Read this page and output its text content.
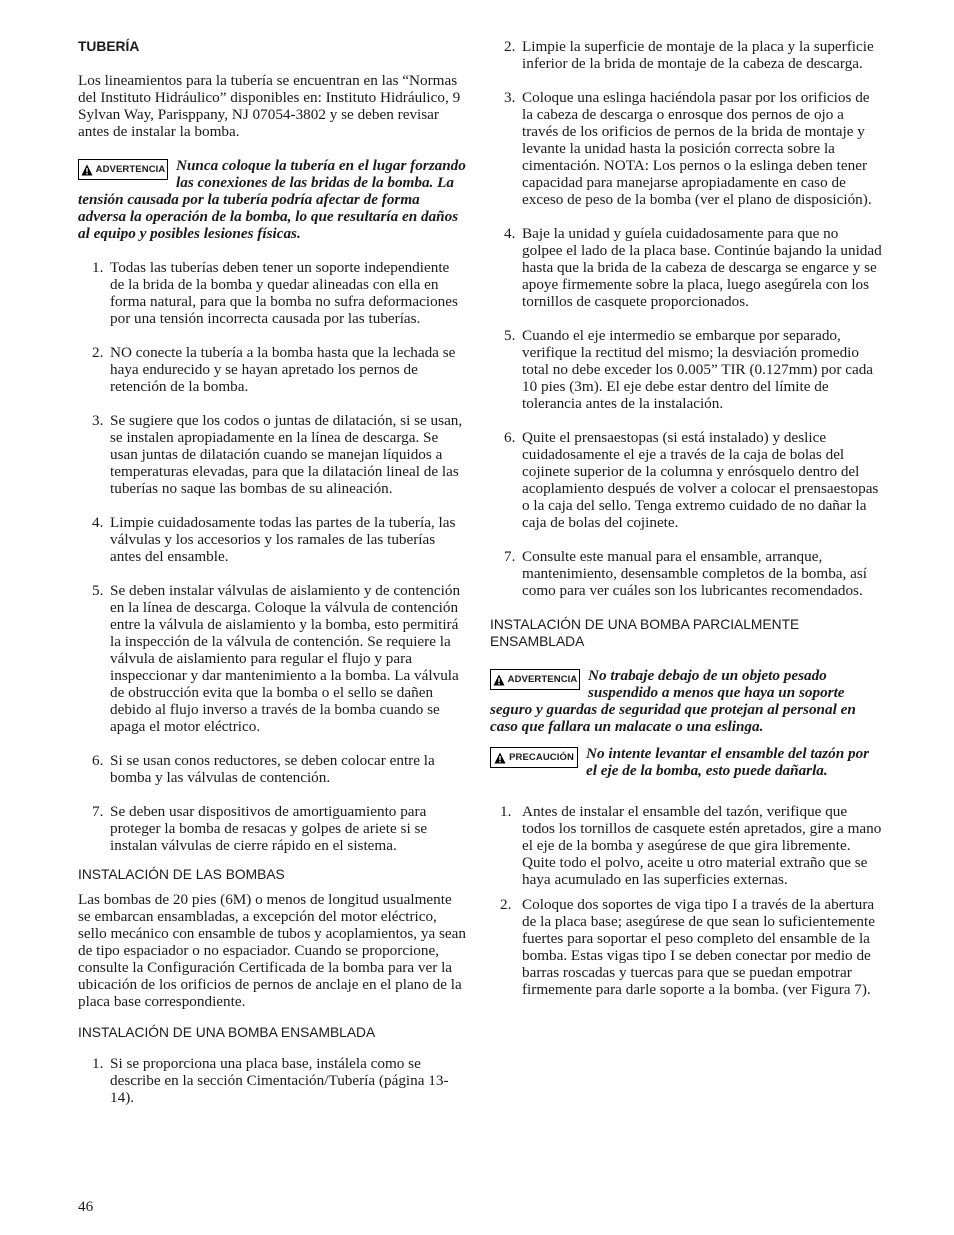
TUBERÍA

Los lineamientos para la tubería se encuentran en las “Normas del Instituto Hidráulico” disponibles en: Instituto Hidráulico, 9 Sylvan Way, Parisppany, NJ 07054-3802 y se deben revisar antes de instalar la bomba.

ADVERTENCIA Nunca coloque la tubería en el lugar forzando las conexiones de las bridas de la bomba. La tensión causada por la tubería podría afectar de forma adversa la operación de la bomba, lo que resultaría en daños al equipo y posibles lesiones físicas.
1. Todas las tuberías deben tener un soporte independiente de la brida de la bomba y quedar alineadas con ella en forma natural, para que la bomba no sufra deformaciones por una tensión incorrecta causada por las tuberías.
2. NO conecte la tubería a la bomba hasta que la lechada se haya endurecido y se hayan apretado los pernos de retención de la bomba.
3. Se sugiere que los codos o juntas de dilatación, si se usan, se instalen apropiadamente en la línea de descarga. Se usan juntas de dilatación cuando se manejan líquidos a temperaturas elevadas, para que la dilatación lineal de las tuberías no saque las bombas de su alineación.
4. Limpie cuidadosamente todas las partes de la tubería, las válvulas y los accesorios y los ramales de las tuberías antes del ensamble.
5. Se deben instalar válvulas de aislamiento y de contención en la línea de descarga. Coloque la válvula de contención entre la válvula de aislamiento y la bomba, esto permitirá la inspección de la válvula de contención. Se requiere la válvula de aislamiento para regular el flujo y para inspeccionar y dar mantenimiento a la bomba. La válvula de obstrucción evita que la bomba o el sello se dañen debido al flujo inverso a través de la bomba cuando se apaga el motor eléctrico.
6. Si se usan conos reductores, se deben colocar entre la bomba y las válvulas de contención.
7. Se deben usar dispositivos de amortiguamiento para proteger la bomba de resacas y golpes de ariete si se instalan válvulas de cierre rápido en el sistema.
INSTALACIÓN DE LAS BOMBAS

Las bombas de 20 pies (6M) o menos de longitud usualmente se embarcan ensambladas, a excepción del motor eléctrico, sello mecánico con ensamble de tubos y acoplamientos, ya sean de tipo espaciador o no espaciador. Cuando se proporcione, consulte la Configuración Certificada de la bomba para ver la ubicación de los orificios de pernos de anclaje en el plano de la placa base correspondiente.

INSTALACIÓN DE UNA BOMBA ENSAMBLADA
1. Si se proporciona una placa base, instálela como se describe en la sección Cimentación/Tubería (página 13-14).
46
2. Limpie la superficie de montaje de la placa y la superficie inferior de la brida de montaje de la cabeza de descarga.
3. Coloque una eslinga haciéndola pasar por los orificios de la cabeza de descarga o enrosque dos pernos de ojo a través de los orificios de pernos de la brida de montaje y levante la unidad hasta la posición correcta sobre la cimentación. NOTA: Los pernos o la eslinga deben tener capacidad para manejarse apropiadamente en caso de exceso de peso de la bomba (ver el plano de disposición).
4. Baje la unidad y guíela cuidadosamente para que no golpee el lado de la placa base. Continúe bajando la unidad hasta que la brida de la cabeza de descarga se engarce y se apoye firmemente sobre la placa, luego asegúrela con los tornillos de casquete proporcionados.
5. Cuando el eje intermedio se embarque por separado, verifique la rectitud del mismo; la desviación promedio total no debe exceder los 0.005” TIR (0.127mm) por cada 10 pies (3m). El eje debe estar dentro del límite de tolerancia antes de la instalación.
6. Quite el prensaestopas (si está instalado) y deslice cuidadosamente el eje a través de la caja de bolas del cojinete superior de la columna y enrósquelo dentro del acoplamiento después de volver a colocar el prensaestopas o la caja del sello. Tenga extremo cuidado de no dañar la caja de bolas del cojinete.
7. Consulte este manual para el ensamble, arranque, mantenimiento, desensamble completos de la bomba, así como para ver cuáles son los lubricantes recomendados.
INSTALACIÓN DE UNA BOMBA PARCIALMENTE ENSAMBLADA
ADVERTENCIA No trabaje debajo de un objeto pesado suspendido a menos que haya un soporte seguro y guardas de seguridad que protejan al personal en caso que fallara un malacate o una eslinga.
PRECAUCIÓN No intente levantar el ensamble del tazón por el eje de la bomba, esto puede dañarla.
1. Antes de instalar el ensamble del tazón, verifique que todos los tornillos de casquete estén apretados, gire a mano el eje de la bomba y asegúrese de que gira libremente. Quite todo el polvo, aceite u otro material extraño que se haya acumulado en las superficies externas.
2. Coloque dos soportes de viga tipo I a través de la abertura de la placa base; asegúrese de que sean lo suficientemente fuertes para soportar el peso completo del ensamble de la bomba. Estas vigas tipo I se deben conectar por medio de barras roscadas y tuercas para que se puedan empotrar firmemente para darle soporte a la bomba. (ver Figura 7).
